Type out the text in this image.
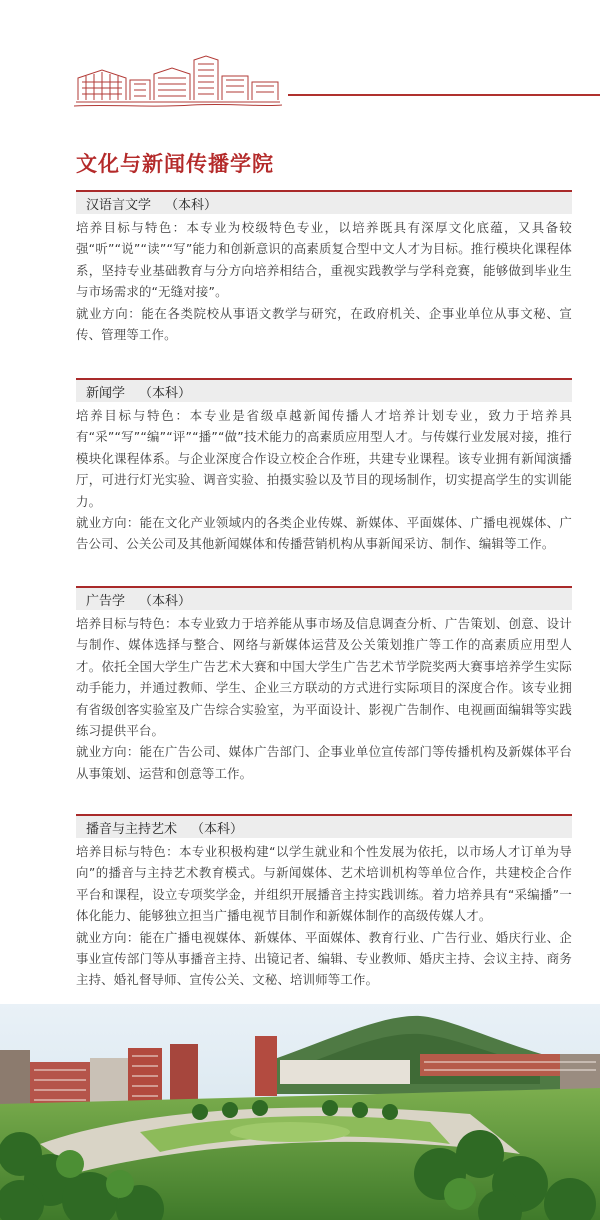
文化与新闻传播学院
汉语言文学 （本科）

培养目标与特色：本专业为校级特色专业，以培养既具有深厚文化底蕴，又具备较强“听”“说”“读”“写”能力和创新意识的高素质复合型中文人才为目标。推行模块化课程体系，坚持专业基础教育与分方向培养相结合，重视实践教学与学科竞赛，能够做到毕业生与市场需求的“无缝对接”。

就业方向：能在各类院校从事语文教学与研究，在政府机关、企事业单位从事文秘、宣传、管理等工作。

新闻学 （本科）

培养目标与特色：本专业是省级卓越新闻传播人才培养计划专业，致力于培养具有“采”“写”“编”“评”“播”“做”技术能力的高素质应用型人才。与传媒行业发展对接，推行模块化课程体系。与企业深度合作设立校企合作班，共建专业课程。该专业拥有新闻演播厅，可进行灯光实验、调音实验、拍摄实验以及节目的现场制作，切实提高学生的实训能力。

就业方向：能在文化产业领域内的各类企业传媒、新媒体、平面媒体、广播电视媒体、广告公司、公关公司及其他新闻媒体和传播营销机构从事新闻采访、制作、编辑等工作。

广告学 （本科）

培养目标与特色：本专业致力于培养能从事市场及信息调查分析、广告策划、创意、设计与制作、媒体选择与整合、网络与新媒体运营及公关策划推广等工作的高素质应用型人才。依托全国大学生广告艺术大赛和中国大学生广告艺术节学院奖两大赛事培养学生实际动手能力，并通过教师、学生、企业三方联动的方式进行实际项目的深度合作。该专业拥有省级创客实验室及广告综合实验室，为平面设计、影视广告制作、电视画面编辑等实践练习提供平台。

就业方向：能在广告公司、媒体广告部门、企事业单位宣传部门等传播机构及新媒体平台从事策划、运营和创意等工作。

播音与主持艺术 （本科）

培养目标与特色：本专业积极构建“以学生就业和个性发展为依托，以市场人才订单为导向”的播音与主持艺术教育模式。与新闻媒体、艺术培训机构等单位合作，共建校企合作平台和课程，设立专项奖学金，并组织开展播音主持实践训练。着力培养具有“采编播”一体化能力、能够独立担当广播电视节目制作和新媒体制作的高级传媒人才。

就业方向：能在广播电视媒体、新媒体、平面媒体、教育行业、广告行业、婚庆行业、企事业宣传部门等从事播音主持、出镜记者、编辑、专业教师、婚庆主持、会议主持、商务主持、婚礼督导师、宣传公关、文秘、培训师等工作。
